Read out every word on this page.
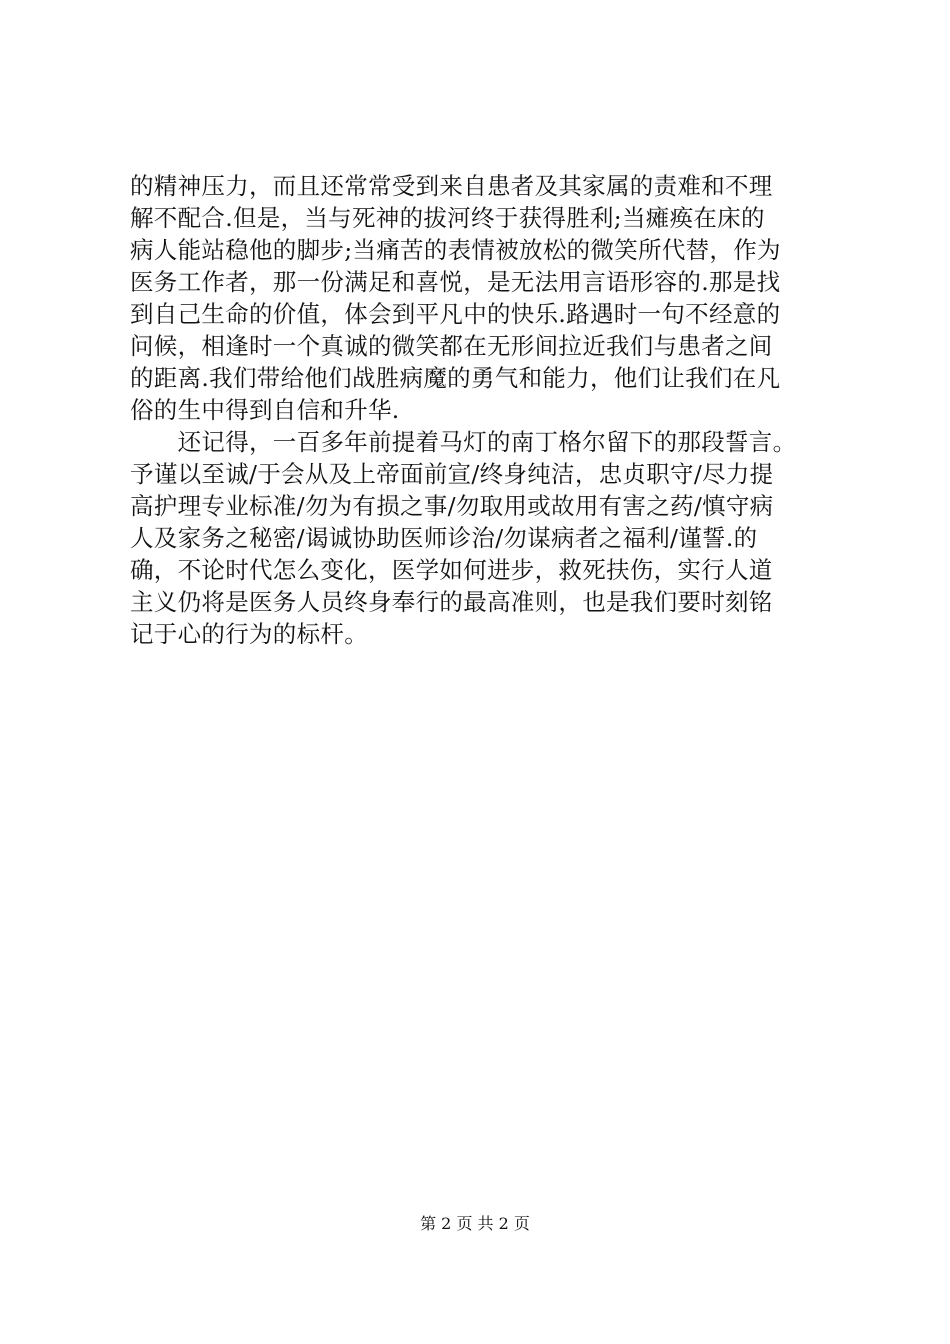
的精神压力，而且还常常受到来自患者及其家属的责难和不理
解不配合.但是，当与死神的拔河终于获得胜利;当瘫痪在床的
病人能站稳他的脚步;当痛苦的表情被放松的微笑所代替，作为
医务工作者，那一份满足和喜悦，是无法用言语形容的.那是找
到自己生命的价值，体会到平凡中的快乐.路遇时一句不经意的
问候，相逢时一个真诚的微笑都在无形间拉近我们与患者之间
的距离.我们带给他们战胜病魔的勇气和能力，他们让我们在凡
俗的生中得到自信和升华.
　　还记得，一百多年前提着马灯的南丁格尔留下的那段誓言。
予谨以至诚/于会从及上帝面前宣/终身纯洁，忠贞职守/尽力提
高护理专业标准/勿为有损之事/勿取用或故用有害之药/慎守病
人及家务之秘密/谒诚协助医师诊治/勿谋病者之福利/谨誓.的
确，不论时代怎么变化，医学如何进步，救死扶伤，实行人道
主义仍将是医务人员终身奉行的最高准则，也是我们要时刻铭
记于心的行为的标杆。
第 2 页 共 2 页
